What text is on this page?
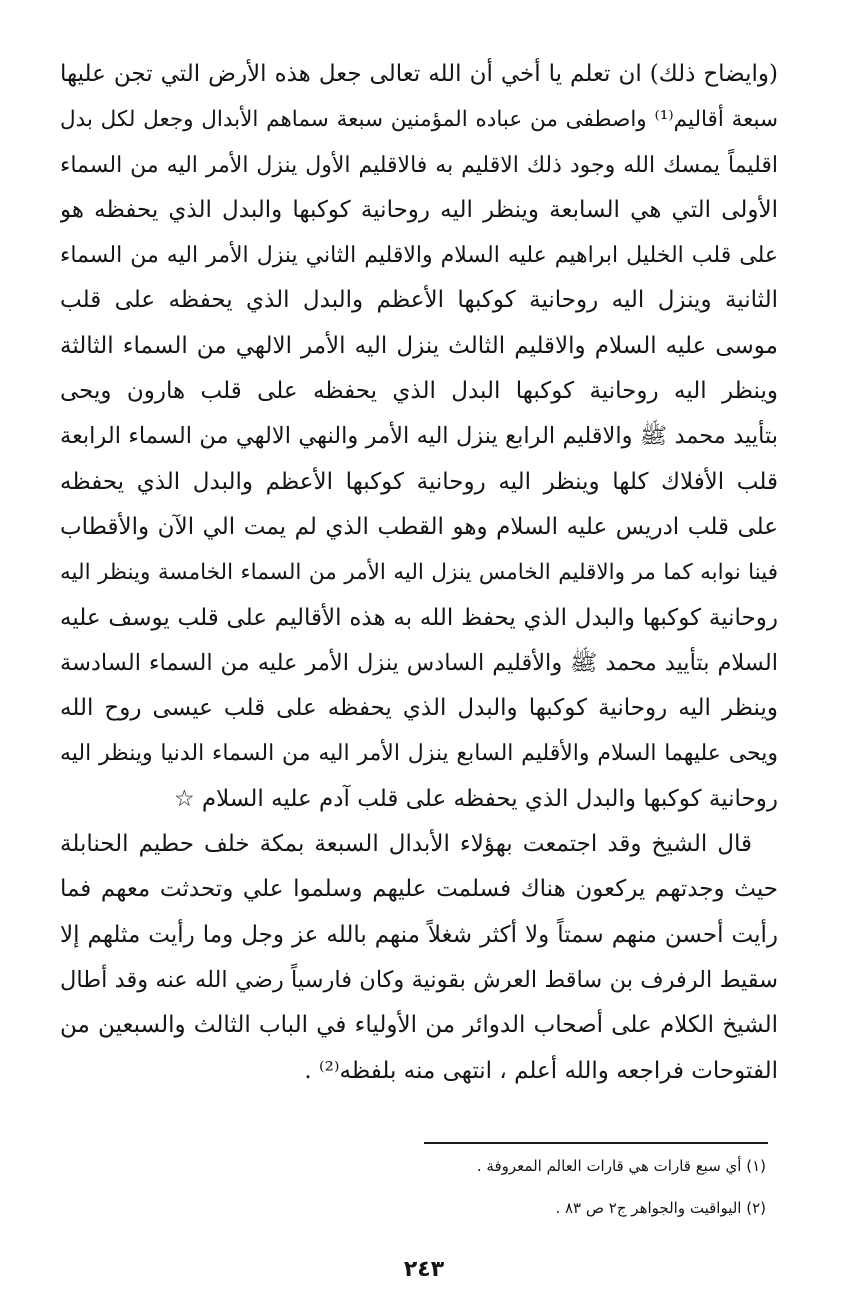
(وايضاح ذلك) ان تعلم يا أخي أن الله تعالى جعل هذه الأرض التي تجن عليها
سبعة أقاليم⁽¹⁾ واصطفى من عباده المؤمنين سبعة سماهم الأبدال وجعل لكل بدل
اقليماً يمسك الله وجود ذلك الاقليم به فالاقليم الأول ينزل الأمر اليه من السماء
الأولى التي هي السابعة وينظر اليه روحانية كوكبها والبدل الذي يحفظه هو
على قلب الخليل ابراهيم عليه السلام والاقليم الثاني ينزل الأمر اليه من السماء
الثانية وينزل اليه روحانية كوكبها الأعظم والبدل الذي يحفظه على قلب
موسى عليه السلام والاقليم الثالث ينزل اليه الأمر الالهي من السماء الثالثة
وينظر اليه روحانية كوكبها البدل الذي يحفظه على قلب هارون ويحى
بتأييد محمد ﷺ والاقليم الرابع ينزل اليه الأمر والنهي الالهي من السماء الرابعة
قلب الأفلاك كلها وينظر اليه روحانية كوكبها الأعظم والبدل الذي يحفظه
على قلب ادريس عليه السلام وهو القطب الذي لم يمت الي الآن والأقطاب
فينا نوابه كما مر والاقليم الخامس ينزل اليه الأمر من السماء الخامسة وينظر اليه
روحانية كوكبها والبدل الذي يحفظ الله به هذه الأقاليم على قلب يوسف عليه
السلام بتأييد محمد ﷺ والأقليم السادس ينزل الأمر عليه من السماء السادسة
وينظر اليه روحانية كوكبها والبدل الذي يحفظه على قلب عيسى روح الله
ويحى عليهما السلام والأقليم السابع ينزل الأمر اليه من السماء الدنيا وينظر اليه
روحانية كوكبها والبدل الذي يحفظه على قلب آدم عليه السلام ☆
قال الشيخ وقد اجتمعت بهؤلاء الأبدال السبعة بمكة خلف حطيم الحنابلة
حيث وجدتهم يركعون هناك فسلمت عليهم وسلموا علي وتحدثت معهم فما
رأيت أحسن منهم سمتاً ولا أكثر شغلاً منهم بالله عز وجل وما رأيت مثلهم إلا
سقيط الرفرف بن ساقط العرش بقونية وكان فارسياً رضي الله عنه وقد أطال
الشيخ الكلام على أصحاب الدوائر من الأولياء في الباب الثالث والسبعين من
الفتوحات فراجعه والله أعلم ، انتهى منه بلفظه⁽²⁾ .
(١) أي سبع قارات هي قارات العالم المعروفة .
(٢) اليواقيت والجواهر ج٢ ص ٨٣ .
٢٤٣
